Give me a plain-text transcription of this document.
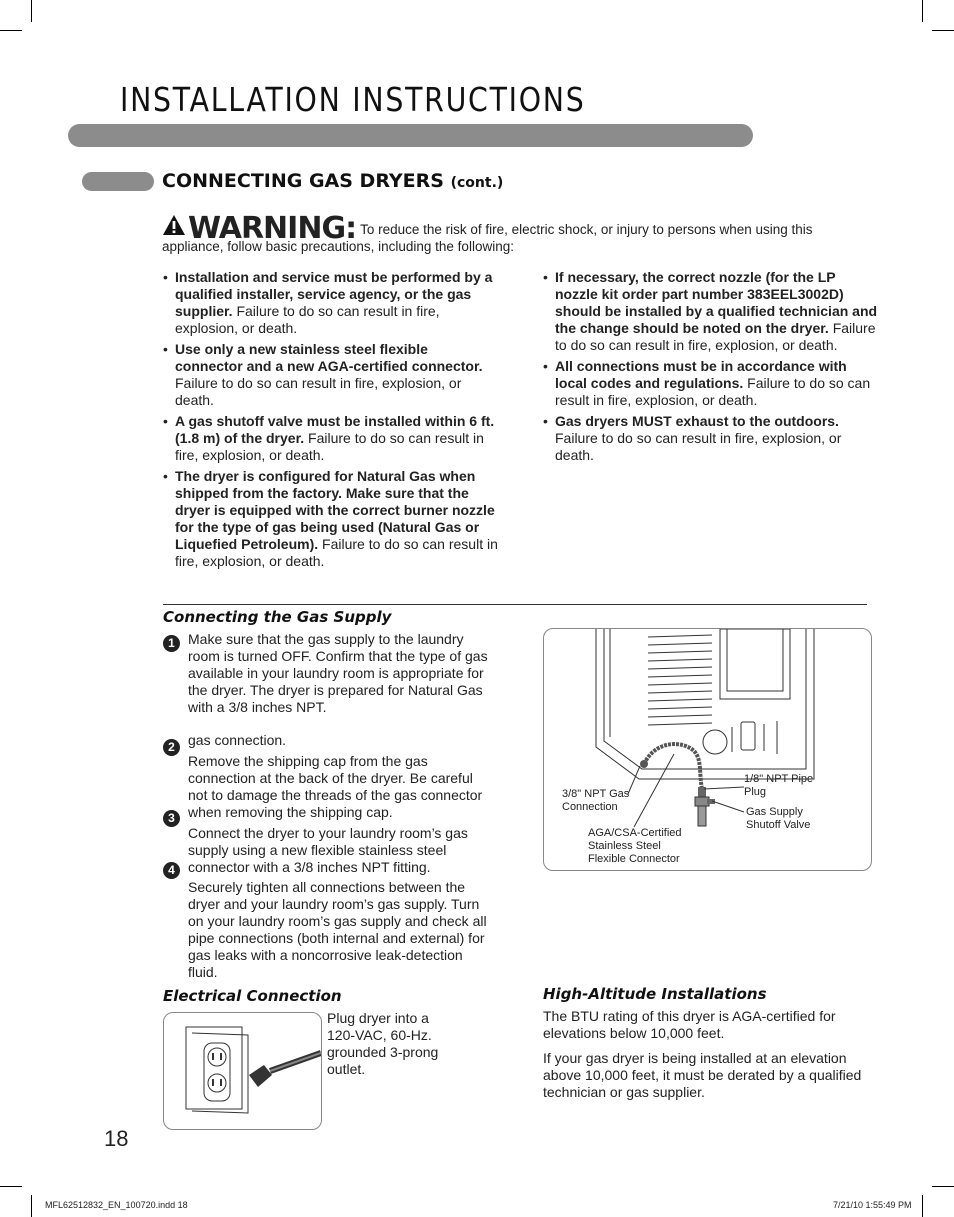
INSTALLATION INSTRUCTIONS
CONNECTING GAS DRYERS (cont.)
WARNING: To reduce the risk of fire, electric shock, or injury to persons when using this appliance, follow basic precautions, including the following:
• Installation and service must be performed by a qualified installer, service agency, or the gas supplier. Failure to do so can result in fire, explosion, or death.
• Use only a new stainless steel flexible connector and a new AGA-certified connector. Failure to do so can result in fire, explosion, or death.
• A gas shutoff valve must be installed within 6 ft. (1.8 m) of the dryer. Failure to do so can result in fire, explosion, or death.
• The dryer is configured for Natural Gas when shipped from the factory. Make sure that the dryer is equipped with the correct burner nozzle for the type of gas being used (Natural Gas or Liquefied Petroleum). Failure to do so can result in fire, explosion, or death.
• If necessary, the correct nozzle (for the LP nozzle kit order part number 383EEL3002D) should be installed by a qualified technician and the change should be noted on the dryer. Failure to do so can result in fire, explosion, or death.
• All connections must be in accordance with local codes and regulations. Failure to do so can result in fire, explosion, or death.
• Gas dryers MUST exhaust to the outdoors. Failure to do so can result in fire, explosion, or death.
Connecting the Gas Supply
1
2
3
4
Make sure that the gas supply to the laundry room is turned OFF. Confirm that the type of gas available in your laundry room is appropriate for the dryer. The dryer is prepared for Natural Gas with a 3/8 inches NPT.
gas connection.
Remove the shipping cap from the gas connection at the back of the dryer. Be careful not to damage the threads of the gas connector when removing the shipping cap.
Connect the dryer to your laundry room’s gas supply using a new flexible stainless steel connector with a 3/8 inches NPT fitting.
Securely tighten all connections between the dryer and your laundry room’s gas supply. Turn on your laundry room’s gas supply and check all pipe connections (both internal and external) for gas leaks with a noncorrosive leak-detection fluid.
3/8" NPT Gas Connection
AGA/CSA-Certified Stainless Steel Flexible Connector
1/8" NPT Pipe Plug
Gas Supply Shutoff Valve
Electrical Connection
Plug dryer into a 120-VAC, 60-Hz. grounded 3-prong outlet.
High-Altitude Installations
The BTU rating of this dryer is AGA-certified for elevations below 10,000 feet.
If your gas dryer is being installed at an elevation above 10,000 feet, it must be derated by a qualified technician or gas supplier.
18
MFL62512832_EN_100720.indd 18	7/21/10 1:55:49 PM
